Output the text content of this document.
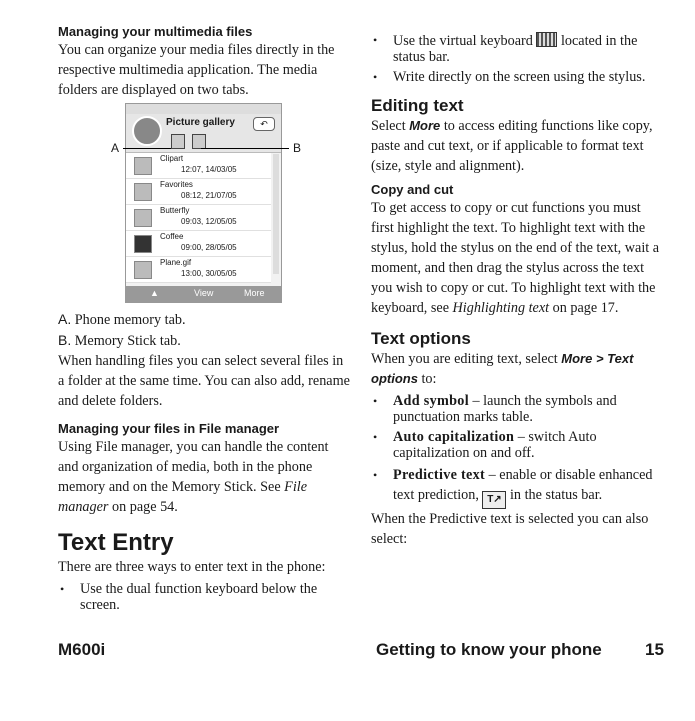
Managing your multimedia files

You can organize your media files directly in the respective multimedia application. The media folders are displayed on two tabs.

Picture gallery	↶
Clipart
12:07, 14/03/05
Favorites
08:12, 21/07/05
Butterfly
09:03, 12/05/05
Coffee
09:00, 28/05/05
Plane.gif
13:00, 30/05/05
▲	View	More
A	B

A. Phone memory tab.

B. Memory Stick tab.

When handling files you can select several files in a folder at the same time. You can also add, rename and delete folders.

Managing your files in File manager

Using File manager, you can handle the content and organization of media, both in the phone memory and on the Memory Stick. See File manager on page 54.

Text Entry

There are three ways to enter text in the phone:

• Use the dual function keyboard below the screen.
• Use the virtual keyboard  located in the status bar.
• Write directly on the screen using the stylus.
Editing text

Select More to access editing functions like copy, paste and cut text, or if applicable to format text (size, style and alignment).

Copy and cut

To get access to copy or cut functions you must first highlight the text. To highlight text with the stylus, hold the stylus on the end of the text, wait a moment, and then drag the stylus across the text you wish to copy or cut. To highlight text with the keyboard, see Highlighting text on page 17.

Text options

When you are editing text, select More > Text options to:

• Add symbol – launch the symbols and punctuation marks table.
• Auto capitalization – switch Auto capitalization on and off.
• Predictive text – enable or disable enhanced text prediction, T↗ in the status bar.

When the Predictive text is selected you can also select:

M600i	Getting to know your phone	15
